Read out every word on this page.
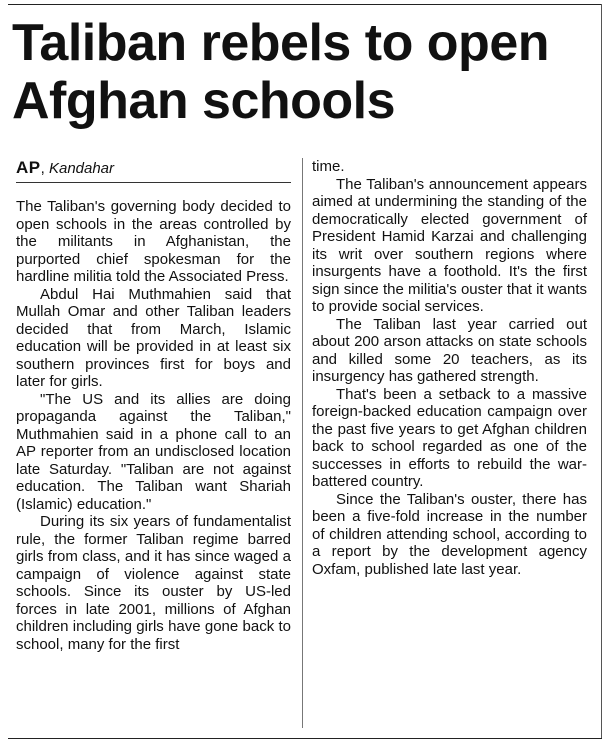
Taliban rebels to open Afghan schools
AP, Kandahar

The Taliban's governing body decided to open schools in the areas controlled by the militants in Afghanistan, the purported chief spokesman for the hardline militia told the Associated Press.

Abdul Hai Muthmahien said that Mullah Omar and other Taliban leaders decided that from March, Islamic education will be provided in at least six southern provinces first for boys and later for girls.

"The US and its allies are doing propaganda against the Taliban," Muthmahien said in a phone call to an AP reporter from an undisclosed location late Saturday. "Taliban are not against education. The Taliban want Shariah (Islamic) education."

During its six years of fundamentalist rule, the former Taliban regime barred girls from class, and it has since waged a campaign of violence against state schools. Since its ouster by US-led forces in late 2001, millions of Afghan children including girls have gone back to school, many for the first

time.

The Taliban's announcement appears aimed at undermining the standing of the democratically elected government of President Hamid Karzai and challenging its writ over southern regions where insurgents have a foothold. It's the first sign since the militia's ouster that it wants to provide social services.

The Taliban last year carried out about 200 arson attacks on state schools and killed some 20 teachers, as its insurgency has gathered strength.

That's been a setback to a massive foreign-backed education campaign over the past five years to get Afghan children back to school regarded as one of the successes in efforts to rebuild the war-battered country.

Since the Taliban's ouster, there has been a five-fold increase in the number of children attending school, according to a report by the development agency Oxfam, published late last year.
